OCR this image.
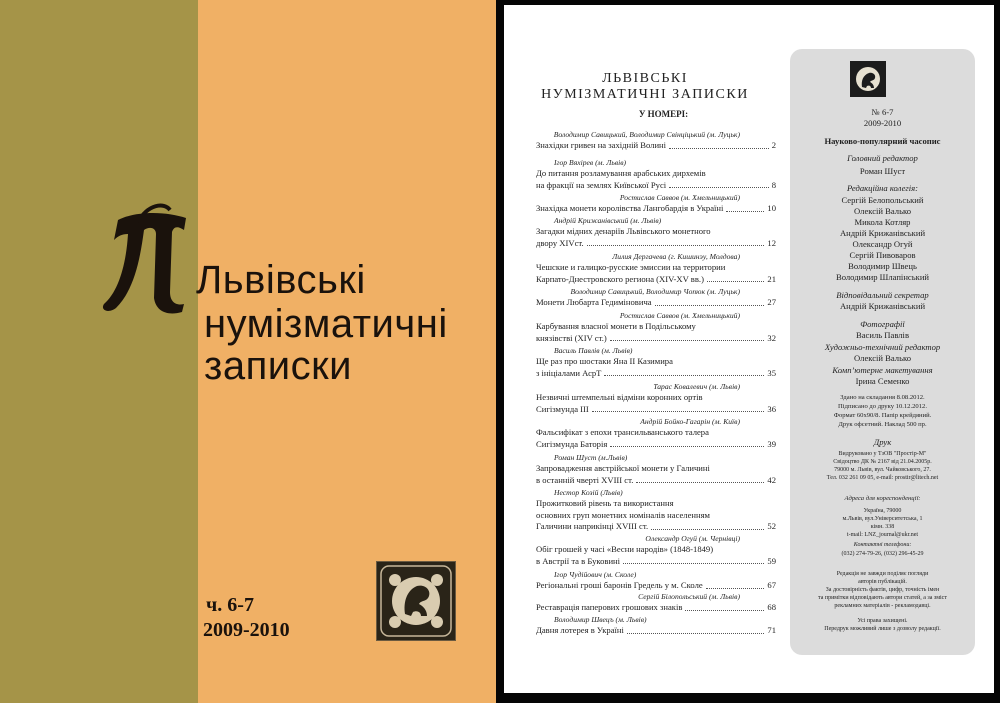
Львівські
нумізматичні
записки
ч. 6-7
2009-2010
ЛЬВІВСЬКІ
НУМІЗМАТИЧНІ ЗАПИСКИ
У НОМЕРІ:
Володимир Савицький, Володимир Свінціцький (м. Луцьк)
Знахідки гривен на західній Волині	2
Ігор Вяхірев (м. Львів)
До питання розламування арабських дирхемів
на фракції на землях Київської Русі	8
Ростислав Саввов (м. Хмельницький)
Знахідка монети королівства Лангобардія в Україні	10
Андрій Крижанівський (м. Львів)
Загадки мідних денаріїв Львівського монетного
двору XIVст.	12
Лилия Дергачева (г. Кишинэу, Молдова)
Чешские и галицко-русские эмиссии на территории
Карпато-Днестровского региона (XIV-XV вв.)	21
Володимир Савицький, Володимир Чопюк (м. Луцьк)
Монети Любарта Гедиміновича	27
Ростислав Саввов (м. Хмельницький)
Карбування власної монети в Подільському
князівстві (XIV ст.)	32
Василь Павлів (м. Львів)
Ще раз про шостаки Яна II Казимира
з ініціалами АсрТ	35
Тарас Ковалевич (м. Львів)
Незвичні штемпельні відміни коронних ортів
Сигізмунда III	36
Андрій Бойко-Гагарін (м. Київ)
Фальсифікат з епохи трансильванського талера
Сигізмунда Баторія	39
Роман Шуст (м.Львів)
Запровадження австрійської монети у Галичині
в останній чверті XVIII ст.	42
Нестор Козій (Львів)
Прожитковий рівень та використання
основних груп монетних номіналів населенням
Галичини наприкінці XVIII ст.	52
Олександр Огуй (м. Чернівці)
Обіг грошей у часі «Весни народів» (1848-1849)
в Австрії та в Буковині	59
Ігор Чудійович (м. Сколе)
Регіональні гроші баронів Гредель у м. Сколе	67
Сергій Білопольський (м. Львів)
Реставрація паперових грошових знаків	68
Володимир Швецъ (м. Львів)
Давня лотерея в Україні	71
№ 6-7
2009-2010
Науково-популярний часопис
Головний редактор
Роман Шуст
Редакційна колегія:
Сергій Белопольський
Олексій Валько
Микола Котляр
Андрій Крижанівський
Олександр Огуй
Сергій Пивоваров
Володимир Швець
Володимир Шлапінський
Відповідальний секретар
Андрій Крижанівський
Фотографії
Василь Павлів
Художньо-технічний редактор
Олексій Валько
Комп’ютерне макетування
Ірина Семенко
Здано на складання 8.08.2012.
Підписано до друку 10.12.2012.
Формат 60х90/8. Папір крейдяний.
Друк офсетний. Наклад 500 пр.
Друк
Видруковано у ТзОВ "Простір-М"
Свідоцтво ДК № 2167 від 21.04.2005р.
79000 м. Львів, вул. Чайковського, 27.
Тел. 032 261 09 05, e-mail: prostir@litech.net
Адреса для кореспонденції:
Україна, 79000
м.Львів, вул.Університетська, 1
кімн. 338
t-mail: LNZ_journal@ukr.net
Контактні телефони:
(032) 274-79-26, (032) 296-45-29
Редакція не завжди поділяє погляди
авторів публікацій.
За достовірність фактів, цифр, точність імен
та примітки відповідають автори статей, а за зміст
рекламних матеріалів - рекламодавці.
Усі права захищені.
Передрук можливий лише з дозволу редакції.
